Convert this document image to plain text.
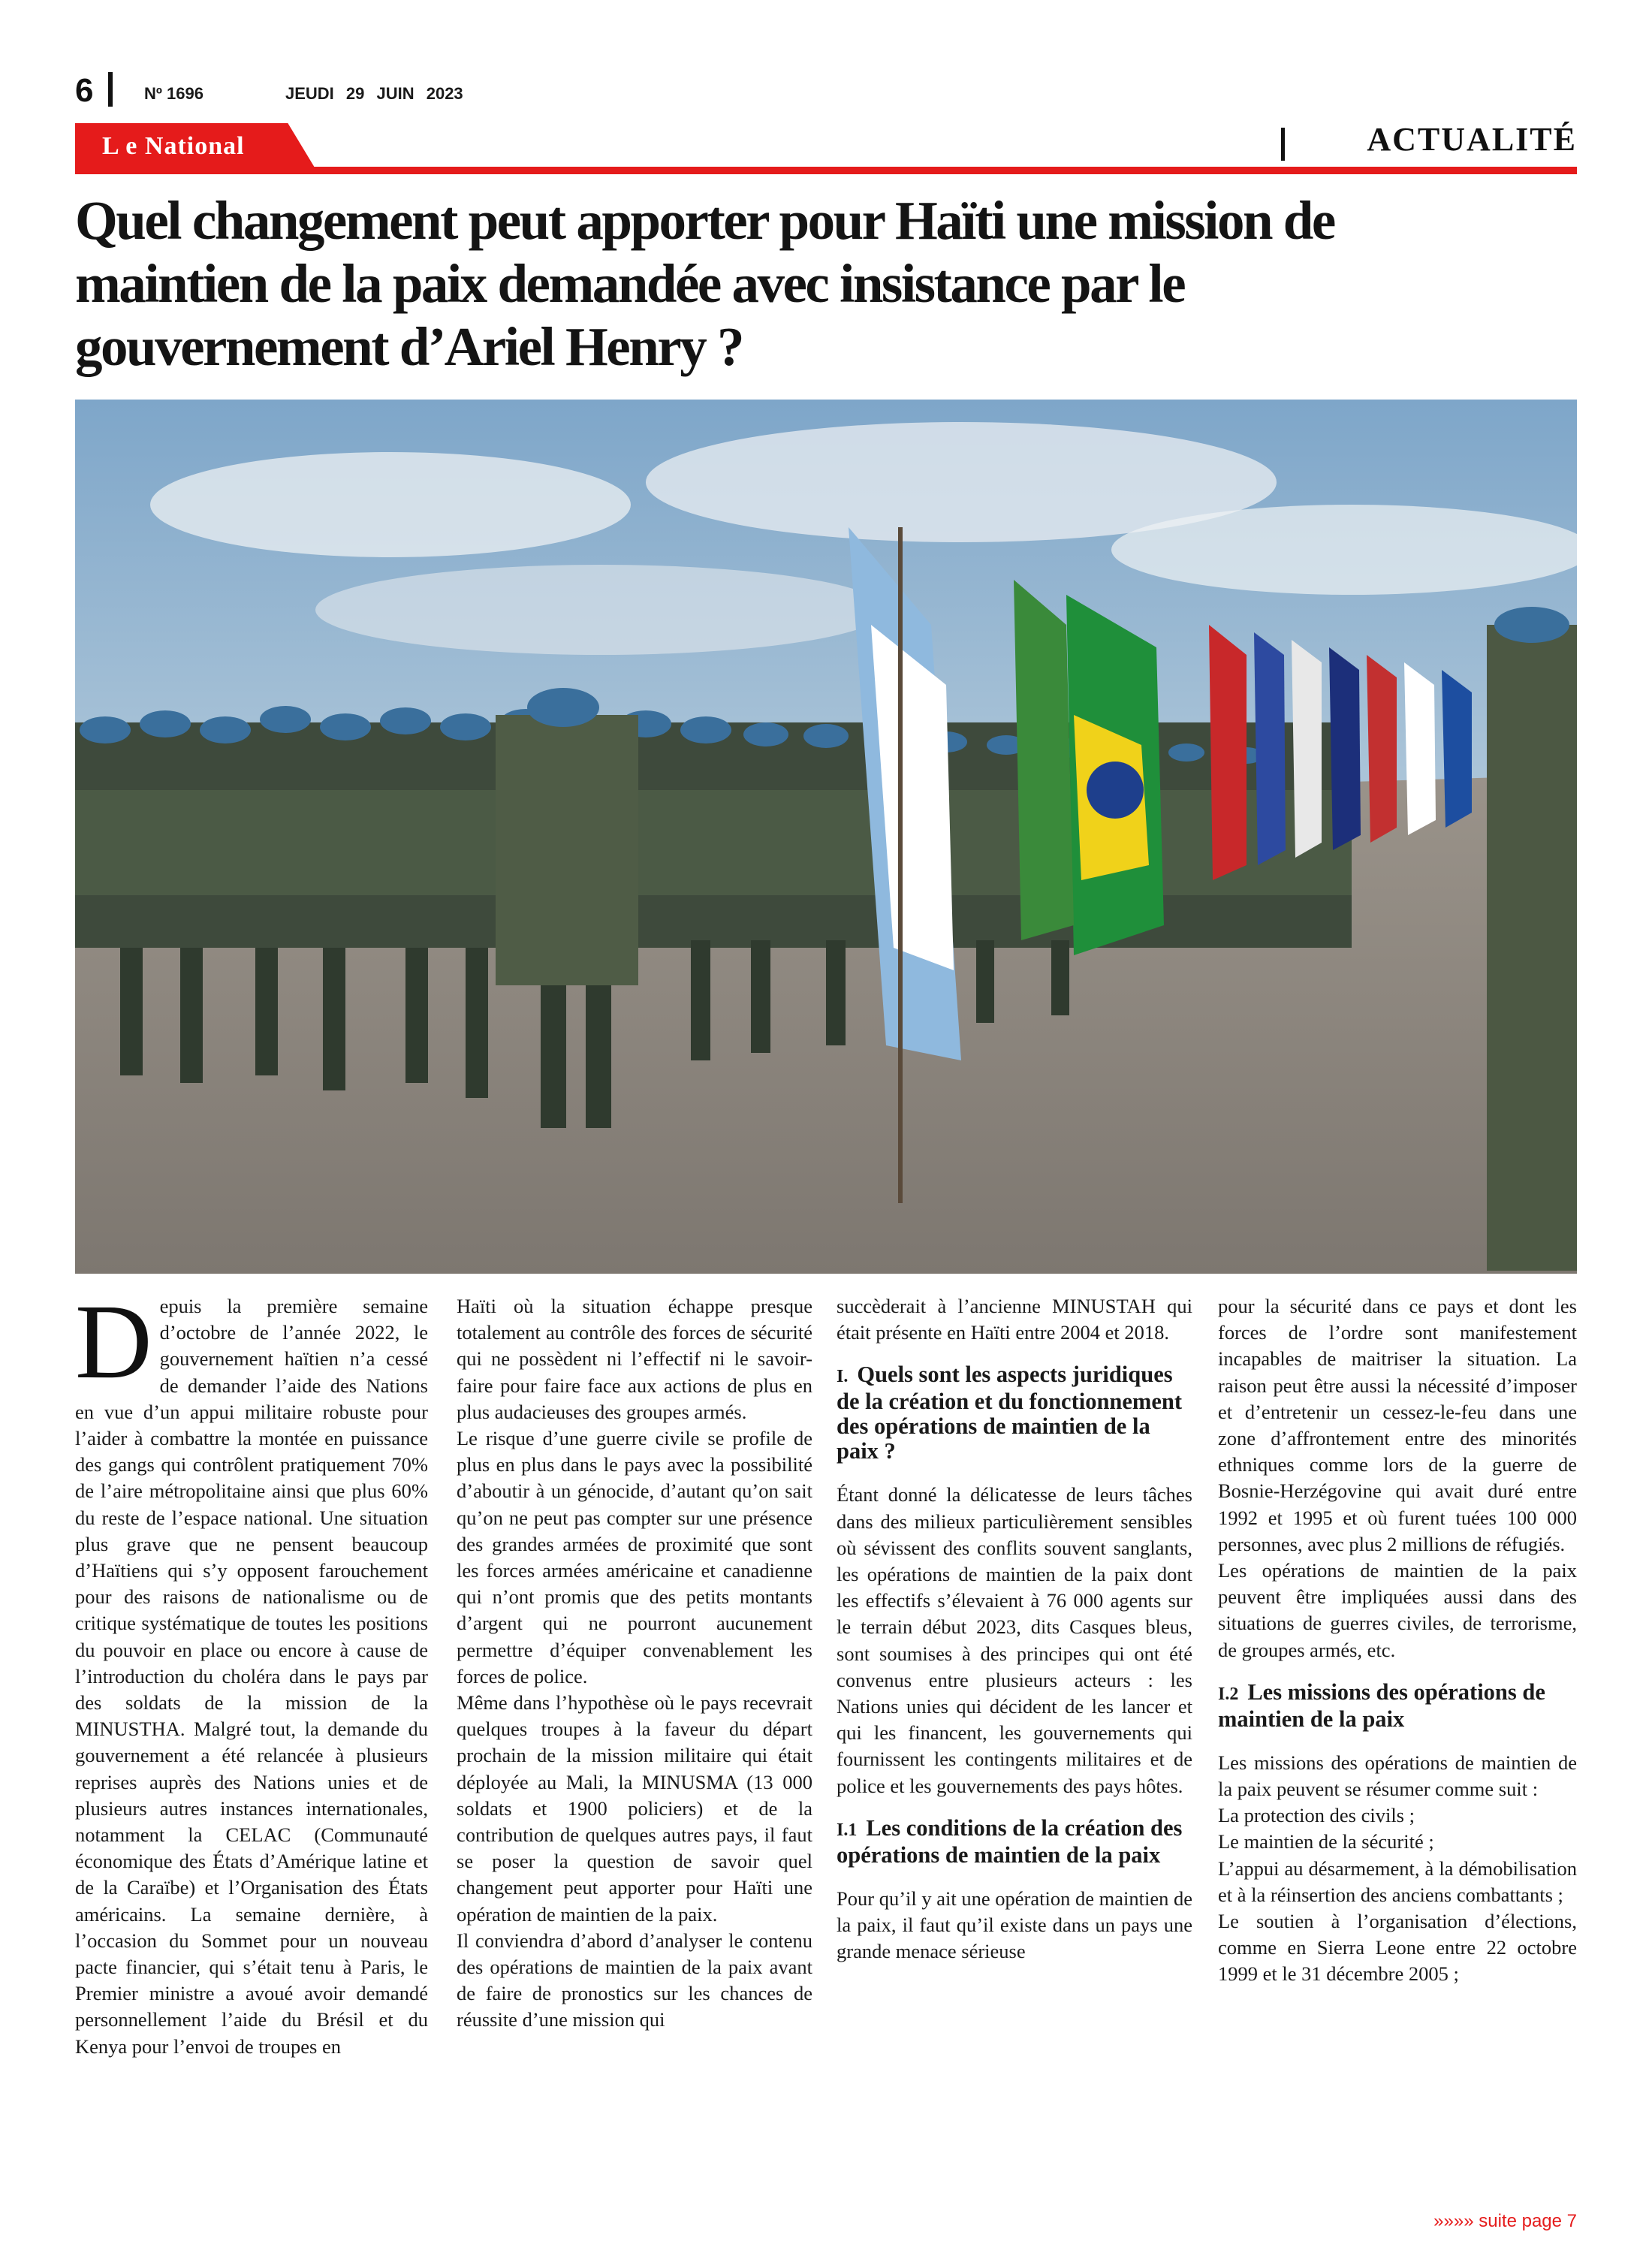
6	Nº 1696	JEUDI 29 JUIN 2023
L e National	ACTUALITÉ
Quel changement peut apporter pour Haïti une mission de maintien de la paix demandée avec insistance par le gouvernement d’Ariel Henry ?

Depuis la première semaine d’octobre de l’année 2022, le gouvernement haïtien n’a cessé de demander l’aide des Nations en vue d’un appui militaire robuste pour l’aider à combattre la montée en puissance des gangs qui contrôlent pratiquement 70% de l’aire métropolitaine ainsi que plus 60% du reste de l’espace national. Une situation plus grave que ne pensent beaucoup d’Haïtiens qui s’y opposent farouchement pour des raisons de nationalisme ou de critique systématique de toutes les positions du pouvoir en place ou encore à cause de l’introduction du choléra dans le pays par des soldats de la mission de la MINUSTHA. Malgré tout, la demande du gouvernement a été relancée à plusieurs reprises auprès des Nations unies et de plusieurs autres instances internationales, notamment la CELAC (Communauté économique des États d’Amérique latine et de la Caraïbe) et l’Organisation des États américains. La semaine dernière, à l’occasion du Sommet pour un nouveau pacte financier, qui s’était tenu à Paris, le Premier ministre a avoué avoir demandé personnellement l’aide du Brésil et du Kenya pour l’envoi de troupes en

Haïti où la situation échappe presque totalement au contrôle des forces de sécurité qui ne possèdent ni l’effectif ni le savoir-faire pour faire face aux actions de plus en plus audacieuses des groupes armés.

Le risque d’une guerre civile se profile de plus en plus dans le pays avec la possibilité d’aboutir à un génocide, d’autant qu’on sait qu’on ne peut pas compter sur une présence des grandes armées de proximité que sont les forces armées américaine et canadienne qui n’ont promis que des petits montants d’argent qui ne pourront aucunement permettre d’équiper convenablement les forces de police.

Même dans l’hypothèse où le pays recevrait quelques troupes à la faveur du départ prochain de la mission militaire qui était déployée au Mali, la MINUSMA (13 000 soldats et 1900 policiers) et de la contribution de quelques autres pays, il faut se poser la question de savoir quel changement peut apporter pour Haïti une opération de maintien de la paix.

Il conviendra d’abord d’analyser le contenu des opérations de maintien de la paix avant de faire de pronostics sur les chances de réussite d’une mission qui

succèderait à l’ancienne MINUSTAH qui était présente en Haïti entre 2004 et 2018.

I. Quels sont les aspects juridiques de la création et du fonctionnement des opérations de maintien de la paix ?

Étant donné la délicatesse de leurs tâches dans des milieux particulièrement sensibles où sévissent des conflits souvent sanglants, les opérations de maintien de la paix dont les effectifs s’élevaient à 76 000 agents sur le terrain début 2023, dits Casques bleus, sont soumises à des principes qui ont été convenus entre plusieurs acteurs : les Nations unies qui décident de les lancer et qui les financent, les gouvernements qui fournissent les contingents militaires et de police et les gouvernements des pays hôtes.

I.1 Les conditions de la création des opérations de maintien de la paix

Pour qu’il y ait une opération de maintien de la paix, il faut qu’il existe dans un pays une grande menace sérieuse

pour la sécurité dans ce pays et dont les forces de l’ordre sont manifestement incapables de maitriser la situation. La raison peut être aussi la nécessité d’imposer et d’entretenir un cessez-le-feu dans une zone d’affrontement entre des minorités ethniques comme lors de la guerre de Bosnie-Herzégovine qui avait duré entre 1992 et 1995 et où furent tuées 100 000 personnes, avec plus 2 millions de réfugiés.

Les opérations de maintien de la paix peuvent être impliquées aussi dans des situations de guerres civiles, de terrorisme, de groupes armés, etc.

I.2 Les missions des opérations de maintien de la paix

Les missions des opérations de maintien de la paix peuvent se résumer comme suit :

La protection des civils ;

Le maintien de la sécurité ;

L’appui au désarmement, à la démobilisation et à la réinsertion des anciens combattants ;

Le soutien à l’organisation d’élections, comme en Sierra Leone entre 22 octobre 1999 et le 31 décembre 2005 ;

»»»» suite page 7
